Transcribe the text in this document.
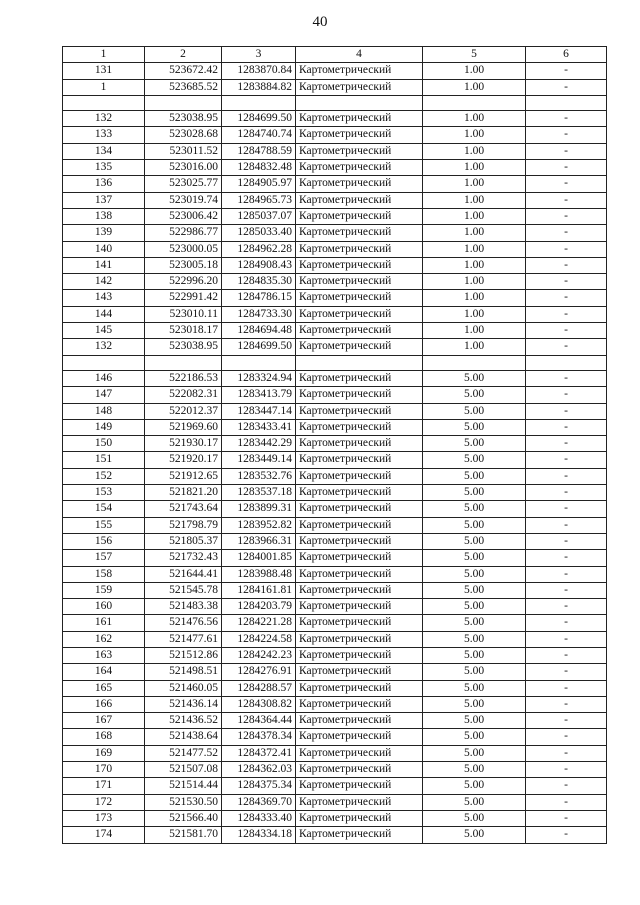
40
1	2	3	4	5	6
131	523672.42	1283870.84	Картометрический	1.00	-
1	523685.52	1283884.82	Картометрический	1.00	-

132	523038.95	1284699.50	Картометрический	1.00	-
133	523028.68	1284740.74	Картометрический	1.00	-
134	523011.52	1284788.59	Картометрический	1.00	-
135	523016.00	1284832.48	Картометрический	1.00	-
136	523025.77	1284905.97	Картометрический	1.00	-
137	523019.74	1284965.73	Картометрический	1.00	-
138	523006.42	1285037.07	Картометрический	1.00	-
139	522986.77	1285033.40	Картометрический	1.00	-
140	523000.05	1284962.28	Картометрический	1.00	-
141	523005.18	1284908.43	Картометрический	1.00	-
142	522996.20	1284835.30	Картометрический	1.00	-
143	522991.42	1284786.15	Картометрический	1.00	-
144	523010.11	1284733.30	Картометрический	1.00	-
145	523018.17	1284694.48	Картометрический	1.00	-
132	523038.95	1284699.50	Картометрический	1.00	-

146	522186.53	1283324.94	Картометрический	5.00	-
147	522082.31	1283413.79	Картометрический	5.00	-
148	522012.37	1283447.14	Картометрический	5.00	-
149	521969.60	1283433.41	Картометрический	5.00	-
150	521930.17	1283442.29	Картометрический	5.00	-
151	521920.17	1283449.14	Картометрический	5.00	-
152	521912.65	1283532.76	Картометрический	5.00	-
153	521821.20	1283537.18	Картометрический	5.00	-
154	521743.64	1283899.31	Картометрический	5.00	-
155	521798.79	1283952.82	Картометрический	5.00	-
156	521805.37	1283966.31	Картометрический	5.00	-
157	521732.43	1284001.85	Картометрический	5.00	-
158	521644.41	1283988.48	Картометрический	5.00	-
159	521545.78	1284161.81	Картометрический	5.00	-
160	521483.38	1284203.79	Картометрический	5.00	-
161	521476.56	1284221.28	Картометрический	5.00	-
162	521477.61	1284224.58	Картометрический	5.00	-
163	521512.86	1284242.23	Картометрический	5.00	-
164	521498.51	1284276.91	Картометрический	5.00	-
165	521460.05	1284288.57	Картометрический	5.00	-
166	521436.14	1284308.82	Картометрический	5.00	-
167	521436.52	1284364.44	Картометрический	5.00	-
168	521438.64	1284378.34	Картометрический	5.00	-
169	521477.52	1284372.41	Картометрический	5.00	-
170	521507.08	1284362.03	Картометрический	5.00	-
171	521514.44	1284375.34	Картометрический	5.00	-
172	521530.50	1284369.70	Картометрический	5.00	-
173	521566.40	1284333.40	Картометрический	5.00	-
174	521581.70	1284334.18	Картометрический	5.00	-
